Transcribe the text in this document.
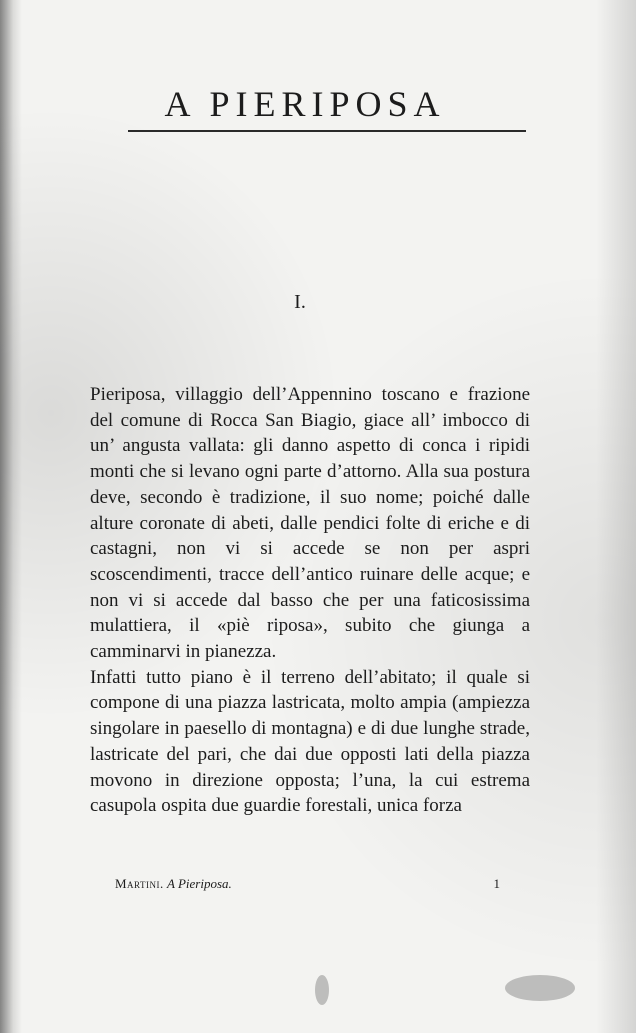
A PIERIPOSA
I.

Pieriposa, villaggio dell’Appennino toscano e frazione del comune di Rocca San Biagio, giace all’ imbocco di un’ angusta vallata: gli danno aspetto di conca i ripidi monti che si levano ogni parte d’attorno. Alla sua postura deve, secondo è tradizione, il suo nome; poiché dalle alture coronate di abeti, dalle pendici folte di eriche e di castagni, non vi si accede se non per aspri scoscendimenti, tracce dell’antico ruinare delle acque; e non vi si accede dal basso che per una faticosissima mulattiera, il «piè riposa», subito che giunga a camminarvi in pianezza.

Infatti tutto piano è il terreno dell’abitato; il quale si compone di una piazza lastricata, molto ampia (ampiezza singolare in paesello di montagna) e di due lunghe strade, lastricate del pari, che dai due opposti lati della piazza movono in direzione opposta; l’una, la cui estrema casupola ospita due guardie forestali, unica forza

Martini. A Pieriposa.	1
